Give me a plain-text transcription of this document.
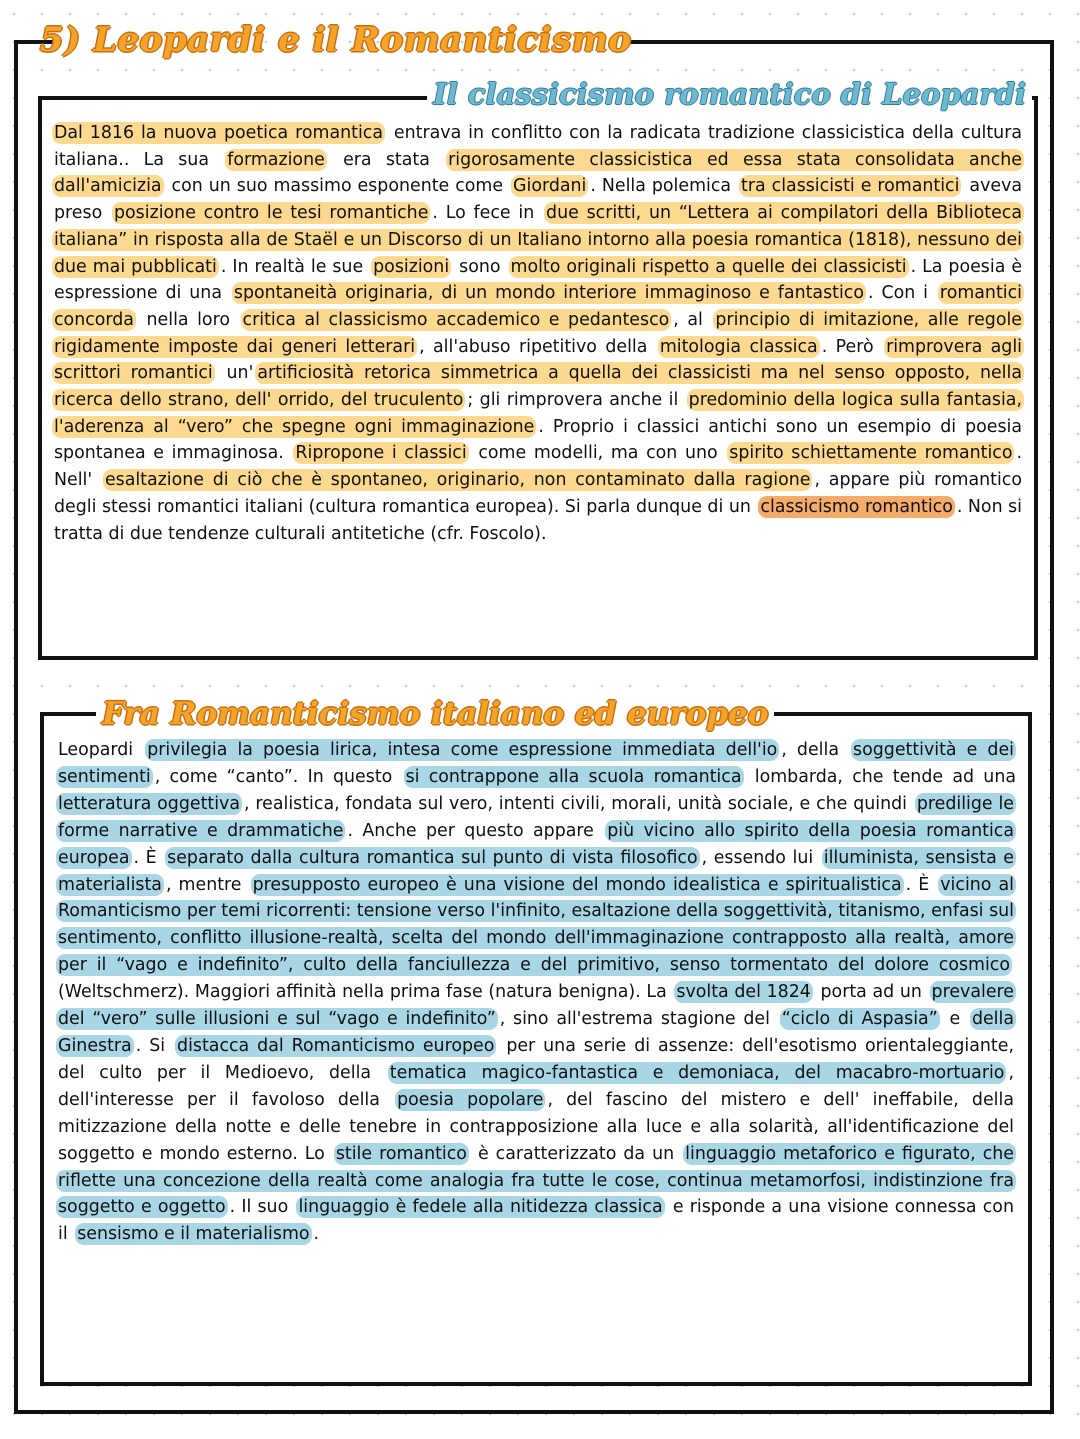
5) Leopardi e il Romanticismo
Il classicismo romantico di Leopardi

Dal 1816 la nuova poetica romantica entrava in conflitto con la radicata tradizione classicistica della cultura italiana.. La sua formazione era stata rigorosamente classicistica ed essa stata consolidata anche dall'amicizia con un suo massimo esponente come Giordani . Nella polemica tra classicisti e romantici aveva preso posizione contro le tesi romantiche . Lo fece in due scritti, un “Lettera ai compilatori della Biblioteca italiana” in risposta alla de Staël e un Discorso di un Italiano intorno alla poesia romantica (1818), nessuno dei due mai pubblicati . In realtà le sue posizioni sono molto originali rispetto a quelle dei classicisti . La poesia è espressione di una spontaneità originaria, di un mondo interiore immaginoso e fantastico . Con i romantici concorda nella loro critica al classicismo accademico e pedantesco , al principio di imitazione, alle regole rigidamente imposte dai generi letterari , all'abuso ripetitivo della mitologia classica . Però rimprovera agli scrittori romantici un' artificiosità retorica simmetrica a quella dei classicisti ma nel senso opposto, nella ricerca dello strano, dell' orrido, del truculento ; gli rimprovera anche il predominio della logica sulla fantasia, l'aderenza al “vero” che spegne ogni immaginazione . Proprio i classici antichi sono un esempio di poesia spontanea e immaginosa. Ripropone i classici come modelli, ma con uno spirito schiettamente romantico . Nell' esaltazione di ciò che è spontaneo, originario, non contaminato dalla ragione , appare più romantico degli stessi romantici italiani (cultura romantica europea). Si parla dunque di un classicismo romantico . Non si tratta di due tendenze culturali antitetiche (cfr. Foscolo).

Fra Romanticismo italiano ed europeo

Leopardi privilegia la poesia lirica, intesa come espressione immediata dell'io , della soggettività e dei sentimenti , come “canto”. In questo si contrappone alla scuola romantica lombarda, che tende ad una letteratura oggettiva , realistica, fondata sul vero, intenti civili, morali, unità sociale, e che quindi predilige le forme narrative e drammatiche . Anche per questo appare più vicino allo spirito della poesia romantica europea . È separato dalla cultura romantica sul punto di vista filosofico , essendo lui illuminista, sensista e materialista , mentre presupposto europeo è una visione del mondo idealistica e spiritualistica . È vicino al Romanticismo per temi ricorrenti: tensione verso l'infinito, esaltazione della soggettività, titanismo, enfasi sul sentimento, conflitto illusione-realtà, scelta del mondo dell'immaginazione contrapposto alla realtà, amore per il “vago e indefinito”, culto della fanciullezza e del primitivo, senso tormentato del dolore cosmico (Weltschmerz). Maggiori affinità nella prima fase (natura benigna). La svolta del 1824 porta ad un prevalere del “vero” sulle illusioni e sul “vago e indefinito” , sino all'estrema stagione del “ciclo di Aspasia” e della Ginestra . Si distacca dal Romanticismo europeo per una serie di assenze: dell'esotismo orientaleggiante, del culto per il Medioevo, della tematica magico-fantastica e demoniaca, del macabro-mortuario , dell'interesse per il favoloso della poesia popolare , del fascino del mistero e dell' ineffabile, della mitizzazione della notte e delle tenebre in contrapposizione alla luce e alla solarità, all'identificazione del soggetto e mondo esterno. Lo stile romantico è caratterizzato da un linguaggio metaforico e figurato, che riflette una concezione della realtà come analogia fra tutte le cose, continua metamorfosi, indistinzione fra soggetto e oggetto . Il suo linguaggio è fedele alla nitidezza classica e risponde a una visione connessa con il sensismo e il materialismo .
